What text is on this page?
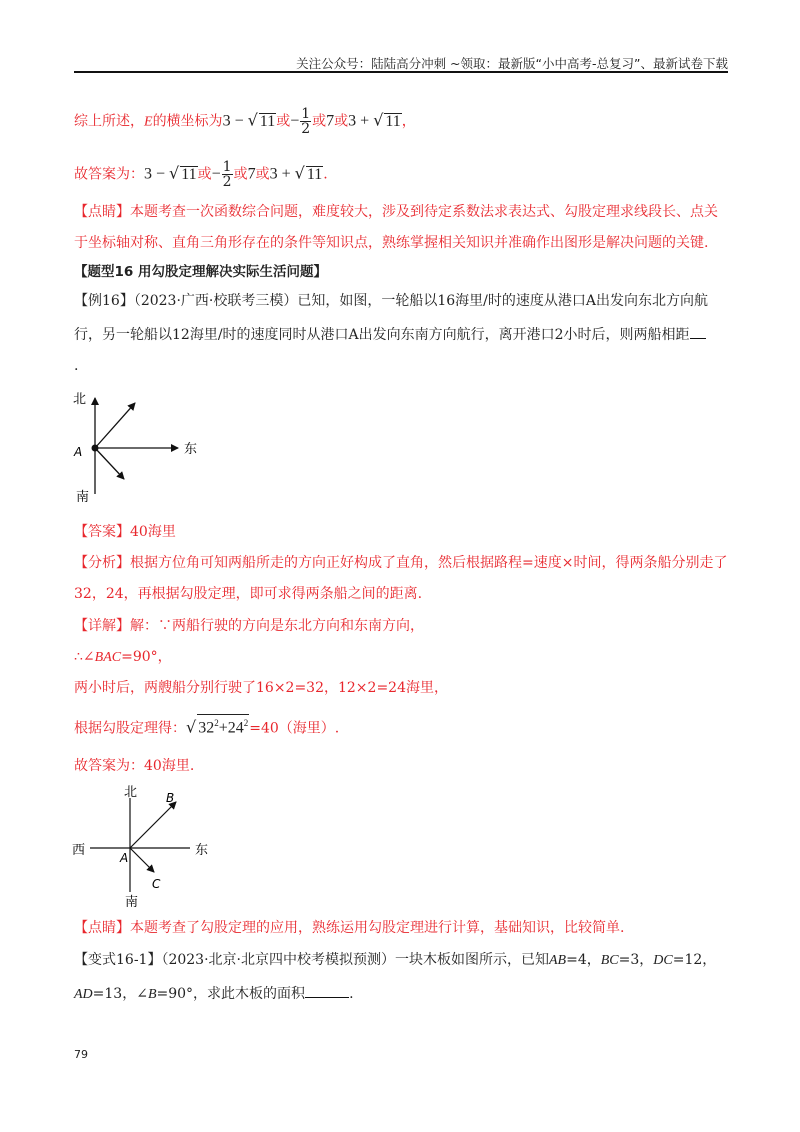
关注公众号：陆陆高分冲刺 ~领取：最新版“小中高考-总复习”、最新试卷下载
综上所述，E的横坐标为3 − √ 11或− $\frac{1}{2}$ 或7或3 + √ 11，
故答案为：3 − √ 11或− $\frac{1}{2}$ 或7或3 + √ 11.
【点睛】本题考查一次函数综合问题，难度较大，涉及到待定系数法求表达式、勾股定理求线段长、点关
于坐标轴对称、直角三角形存在的条件等知识点，熟练掌握相关知识并准确作出图形是解决问题的关键.
【题型16 用勾股定理解决实际生活问题】
【例16】（2023·广西·校联考三模）已知，如图，一轮船以16海里/时的速度从港口A出发向东北方向航
行，另一轮船以12海里/时的速度同时从港口A出发向东南方向航行，离开港口2小时后，则两船相距
.
北
东
南
A
【答案】40海里
【分析】根据方位角可知两船所走的方向正好构成了直角，然后根据路程=速度×时间，得两条船分别走了
32，24，再根据勾股定理，即可求得两条船之间的距离.
【详解】解：∵两船行驶的方向是东北方向和东南方向，
∴∠BAC=90°，
两小时后，两艘船分别行驶了16×2=32，12×2=24海里，
根据勾股定理得：√ $32^2+24^2=40$（海里）.
故答案为：40海里.
北
东
西
南
A
B
C
【点睛】本题考查了勾股定理的应用，熟练运用勾股定理进行计算，基础知识，比较简单.
【变式16-1】（2023·北京·北京四中校考模拟预测）一块木板如图所示，已知AB=4，BC=3，DC=12，
AD=13，∠B=90°，求此木板的面积	.
79
